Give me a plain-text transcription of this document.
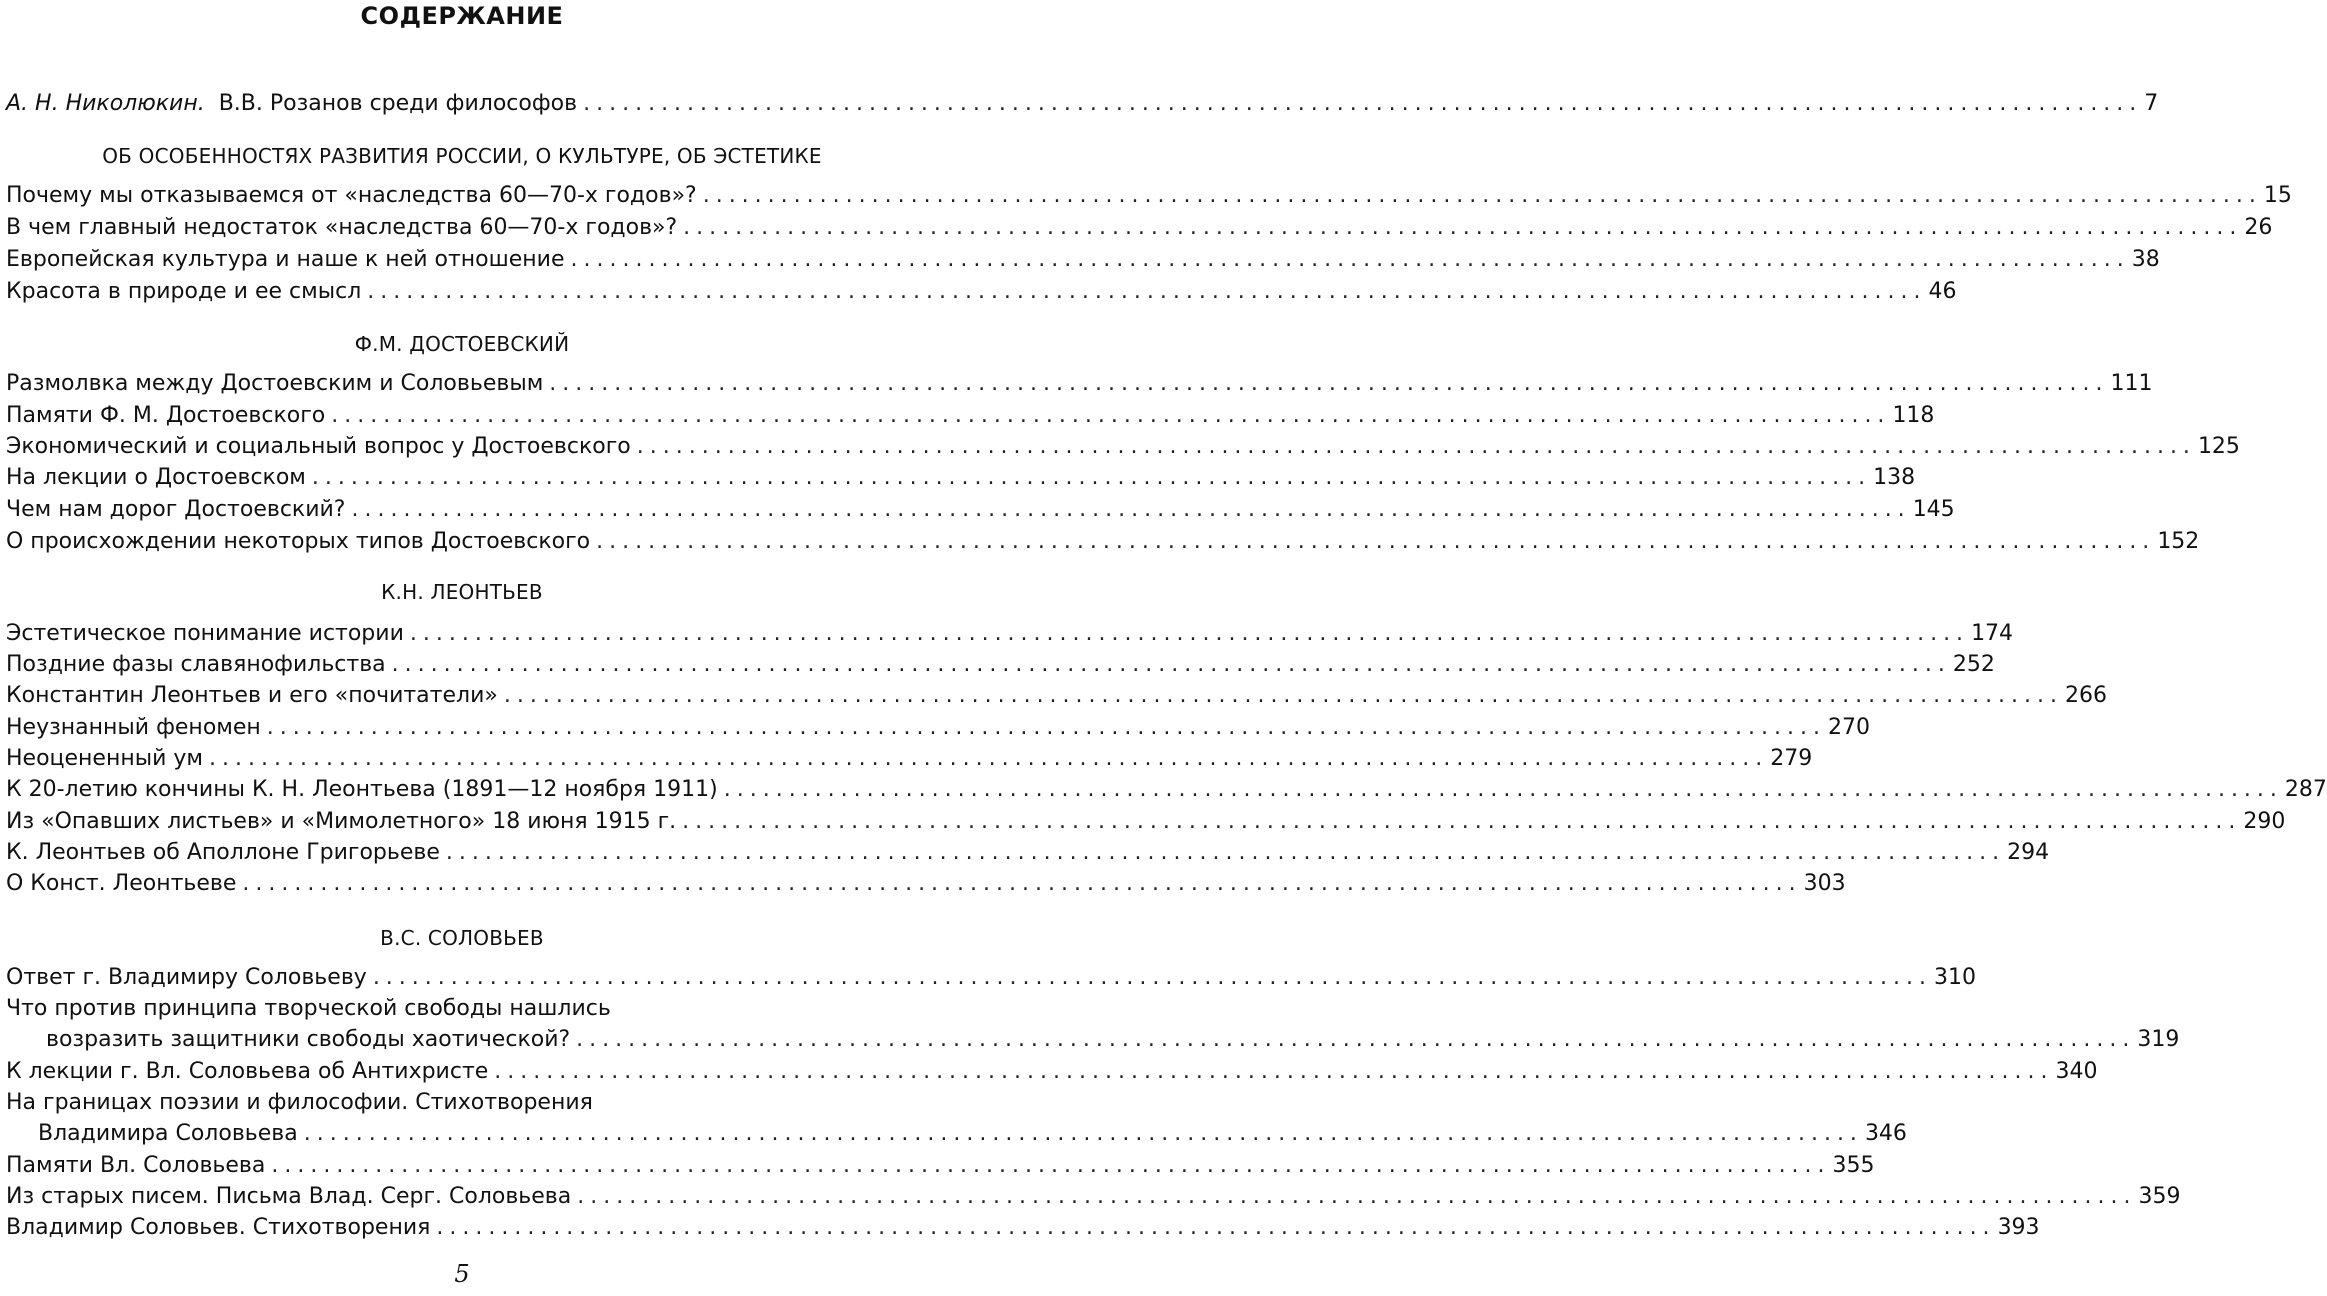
СОДЕРЖАНИЕ
А. Н. Николюкин. В.В. Розанов среди философов ........................................................................................................................ 7
ОБ ОСОБЕННОСТЯХ РАЗВИТИЯ РОССИИ, О КУЛЬТУРЕ, ОБ ЭСТЕТИКЕ
Почему мы отказываемся от «наследства 60—70-х годов»? ........................................................................................................................ 15
В чем главный недостаток «наследства 60—70-х годов»? ........................................................................................................................ 26
Европейская культура и наше к ней отношение ........................................................................................................................ 38
Красота в природе и ее смысл ........................................................................................................................ 46
Ф.М. ДОСТОЕВСКИЙ
Размолвка между Достоевским и Соловьевым ........................................................................................................................ 111
Памяти Ф. М. Достоевского ........................................................................................................................ 118
Экономический и социальный вопрос у Достоевского ........................................................................................................................ 125
На лекции о Достоевском ........................................................................................................................ 138
Чем нам дорог Достоевский? ........................................................................................................................ 145
О происхождении некоторых типов Достоевского ........................................................................................................................ 152
К.Н. ЛЕОНТЬЕВ
Эстетическое понимание истории ........................................................................................................................ 174
Поздние фазы славянофильства ........................................................................................................................ 252
Константин Леонтьев и его «почитатели» ........................................................................................................................ 266
Неузнанный феномен ........................................................................................................................ 270
Неоцененный ум ........................................................................................................................ 279
К 20-летию кончины К. Н. Леонтьева (1891—12 ноября 1911) ........................................................................................................................ 287
Из «Опавших листьев» и «Мимолетного» 18 июня 1915 г. ........................................................................................................................ 290
К. Леонтьев об Аполлоне Григорьеве ........................................................................................................................ 294
О Конст. Леонтьеве ........................................................................................................................ 303
В.С. СОЛОВЬЕВ
Ответ г. Владимиру Соловьеву ........................................................................................................................ 310
Что против принципа творческой свободы нашлись
возразить защитники свободы хаотической? ........................................................................................................................ 319
К лекции г. Вл. Соловьева об Антихристе ........................................................................................................................ 340
На границах поэзии и философии. Стихотворения
Владимира Соловьева ........................................................................................................................ 346
Памяти Вл. Соловьева ........................................................................................................................ 355
Из старых писем. Письма Влад. Серг. Соловьева ........................................................................................................................ 359
Владимир Соловьев. Стихотворения ........................................................................................................................ 393
5
